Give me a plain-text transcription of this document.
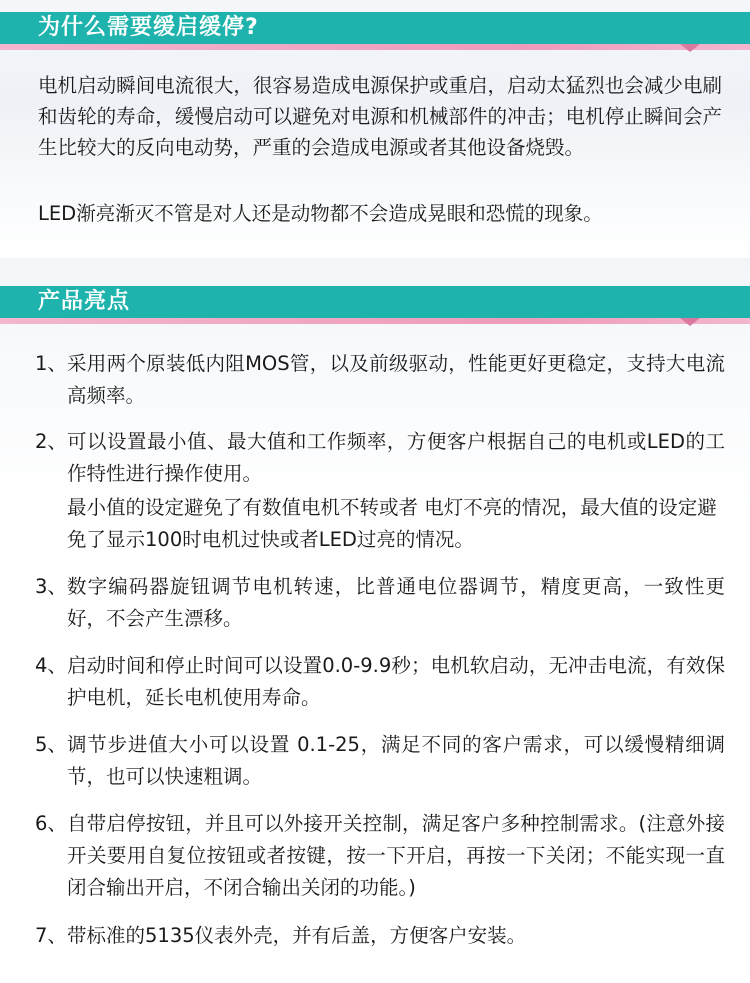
为什么需要缓启缓停?

电机启动瞬间电流很大，很容易造成电源保护或重启，启动太猛烈也会减少电刷和齿轮的寿命，缓慢启动可以避免对电源和机械部件的冲击；电机停止瞬间会产生比较大的反向电动势，严重的会造成电源或者其他设备烧毁。

LED渐亮渐灭不管是对人还是动物都不会造成晃眼和恐慌的现象。

产品亮点
1、 采用两个原装低内阻MOS管，以及前级驱动，性能更好更稳定，支持大电流高频率。
2、 可以设置最小值、最大值和工作频率，方便客户根据自己的电机或LED的工作特性进行操作使用。
最小值的设定避免了有数值电机不转或者 电灯不亮的情况，最大值的设定避免了显示100时电机过快或者LED过亮的情况。
3、 数字编码器旋钮调节电机转速，比普通电位器调节，精度更高，一致性更好，不会产生漂移。
4、 启动时间和停止时间可以设置0.0-9.9秒；电机软启动，无冲击电流，有效保护电机，延长电机使用寿命。
5、 调节步进值大小可以设置 0.1-25，满足不同的客户需求，可以缓慢精细调节，也可以快速粗调。
6、 自带启停按钮，并且可以外接开关控制，满足客户多种控制需求。(注意外接开关要用自复位按钮或者按键，按一下开启，再按一下关闭；不能实现一直闭合输出开启，不闭合输出关闭的功能。)
7、 带标准的5135仪表外壳，并有后盖，方便客户安装。
